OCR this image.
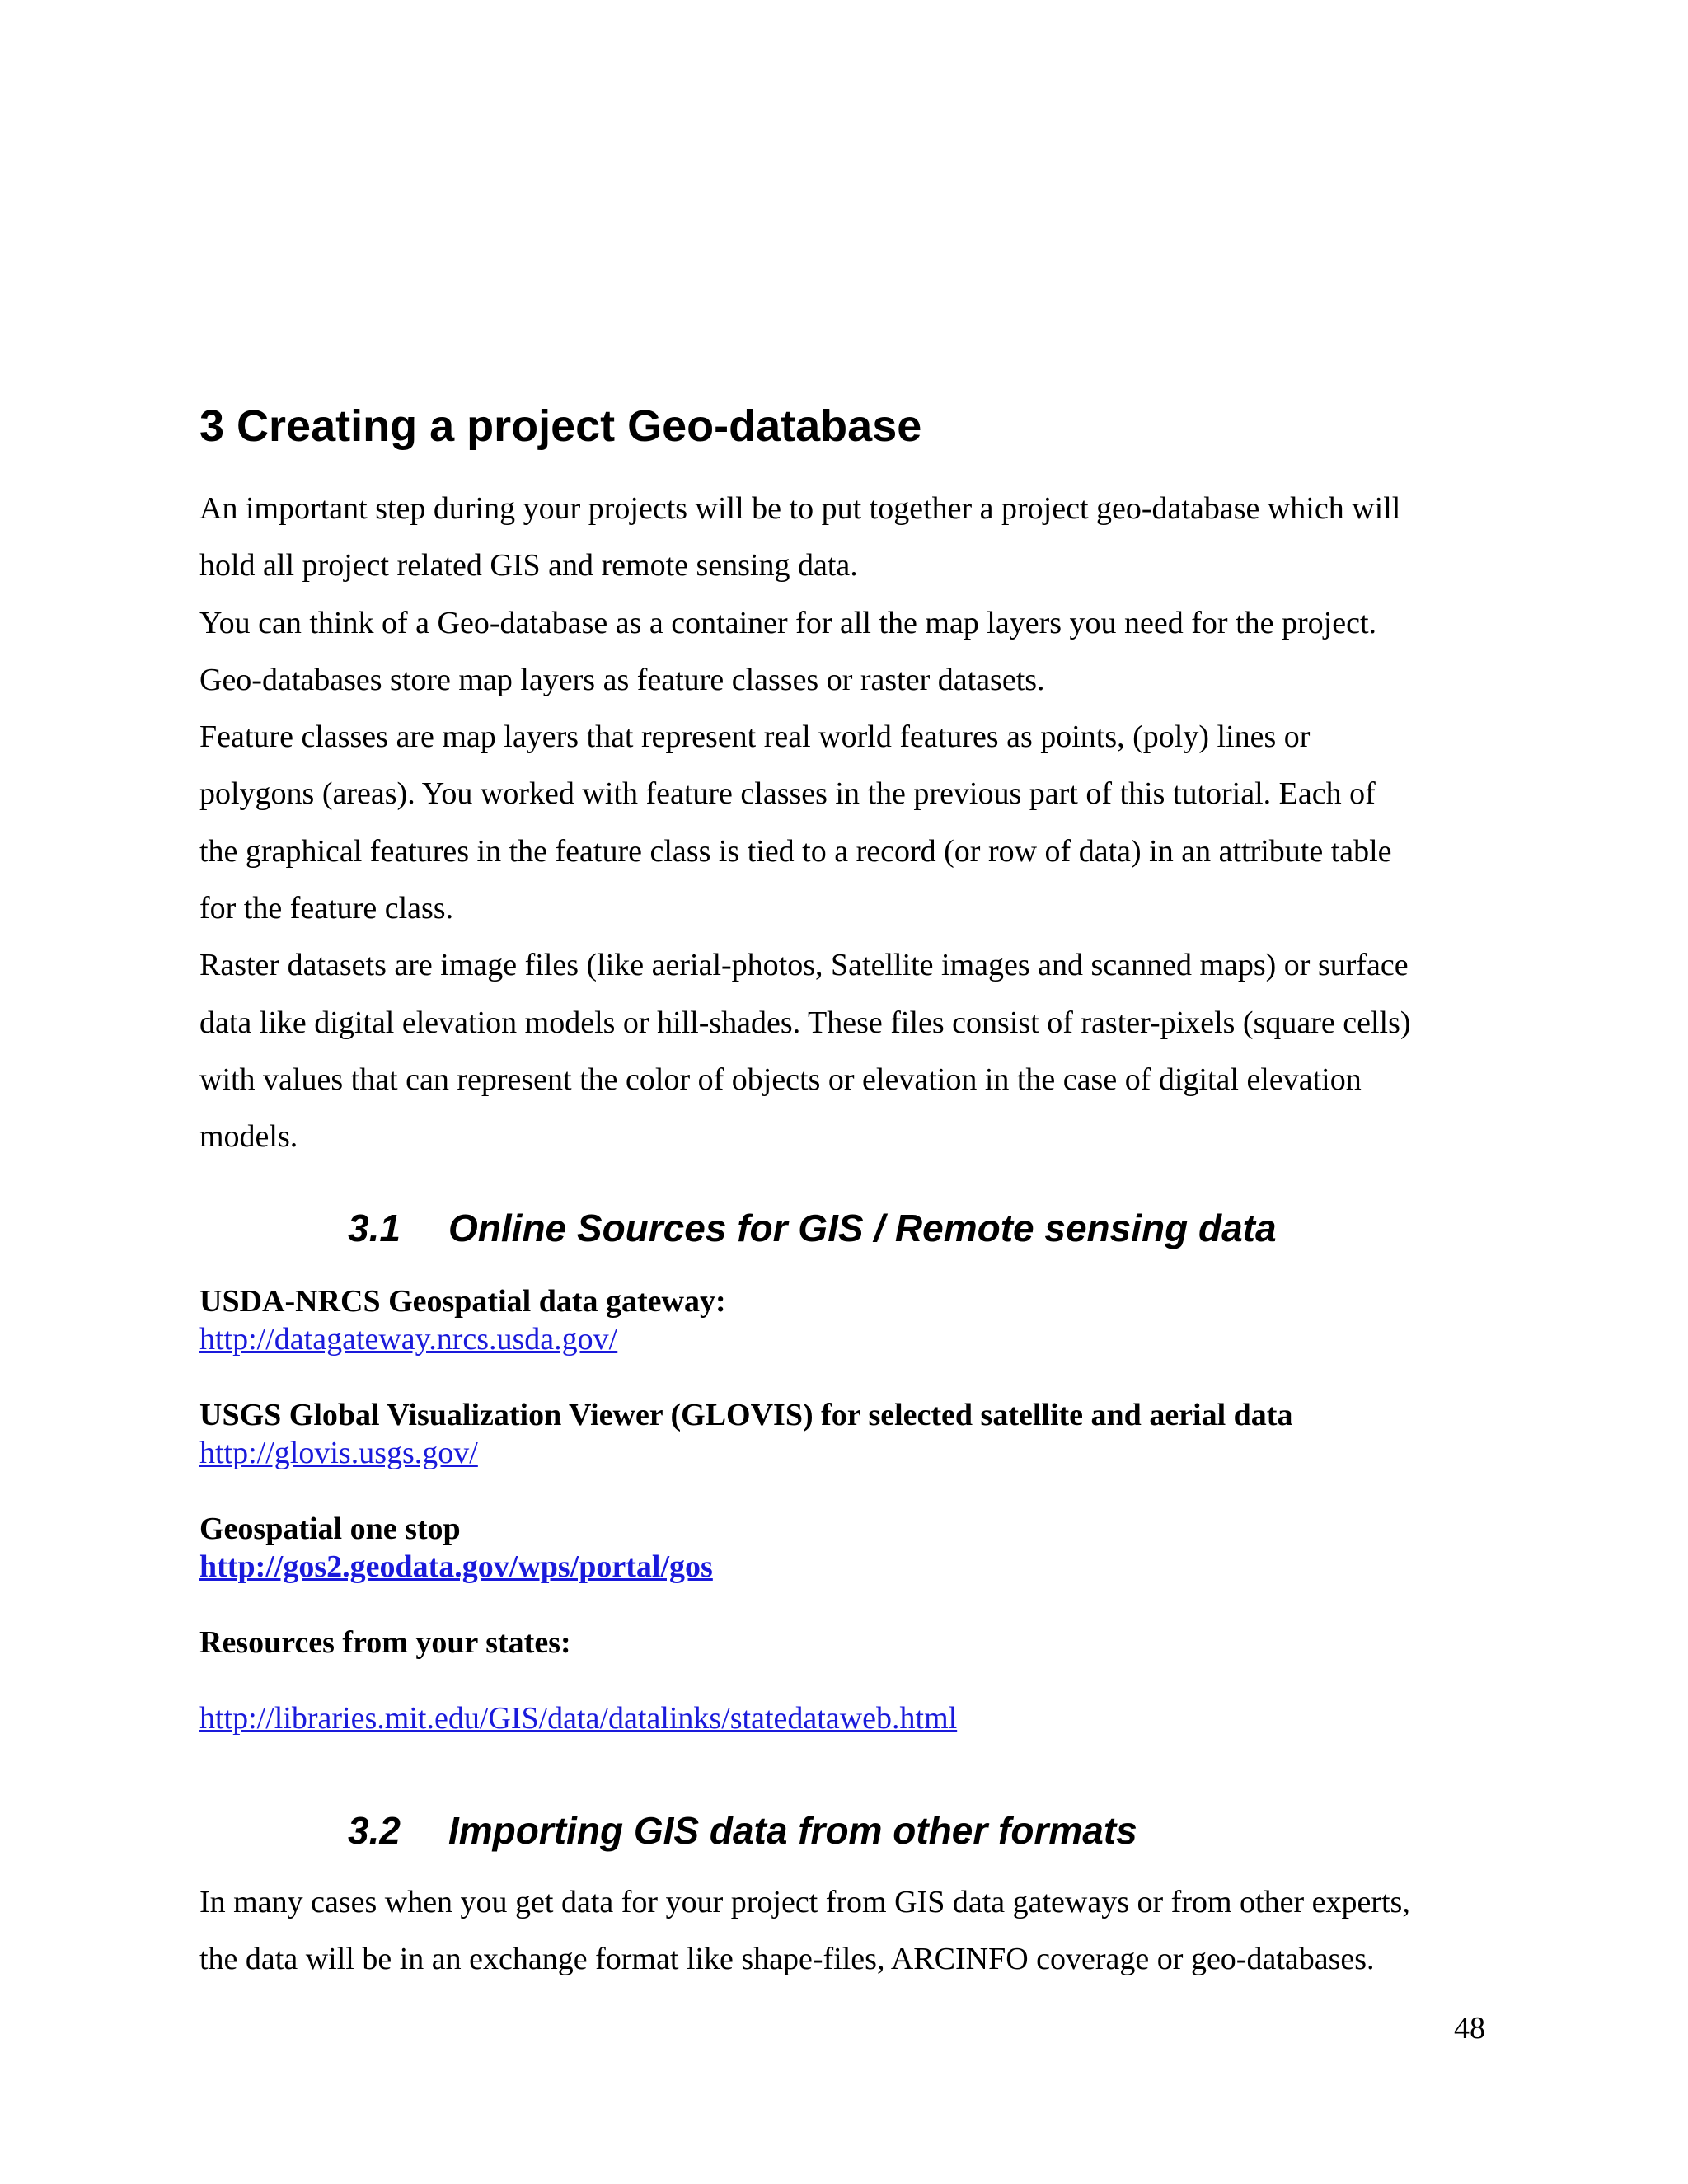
3 Creating a project Geo-database

An important step during your projects will be to put together a project geo-database which will

hold all project related GIS and remote sensing data.

You can think of a Geo-database as a container for all the map layers you need for the project.

Geo-databases store map layers as feature classes or raster datasets.

Feature classes are map layers that represent real world features as points, (poly) lines or

polygons (areas). You worked with feature classes in the previous part of this tutorial. Each of

the graphical features in the feature class is tied to a record (or row of data) in an attribute table

for the feature class.

Raster datasets are image files (like aerial-photos, Satellite images and scanned maps) or surface

data like digital elevation models or hill-shades. These files consist of raster-pixels (square cells)

with values that can represent the color of objects or elevation in the case of digital elevation

models.

3.1 Online Sources for GIS / Remote sensing data
USDA-NRCS Geospatial data gateway:
http://datagateway.nrcs.usda.gov/
USGS Global Visualization Viewer (GLOVIS) for selected satellite and aerial data
http://glovis.usgs.gov/
Geospatial one stop
http://gos2.geodata.gov/wps/portal/gos
Resources from your states:
http://libraries.mit.edu/GIS/data/datalinks/statedataweb.html
3.2 Importing GIS data from other formats

In many cases when you get data for your project from GIS data gateways or from other experts,

the data will be in an exchange format like shape-files, ARCINFO coverage or geo-databases.

48
